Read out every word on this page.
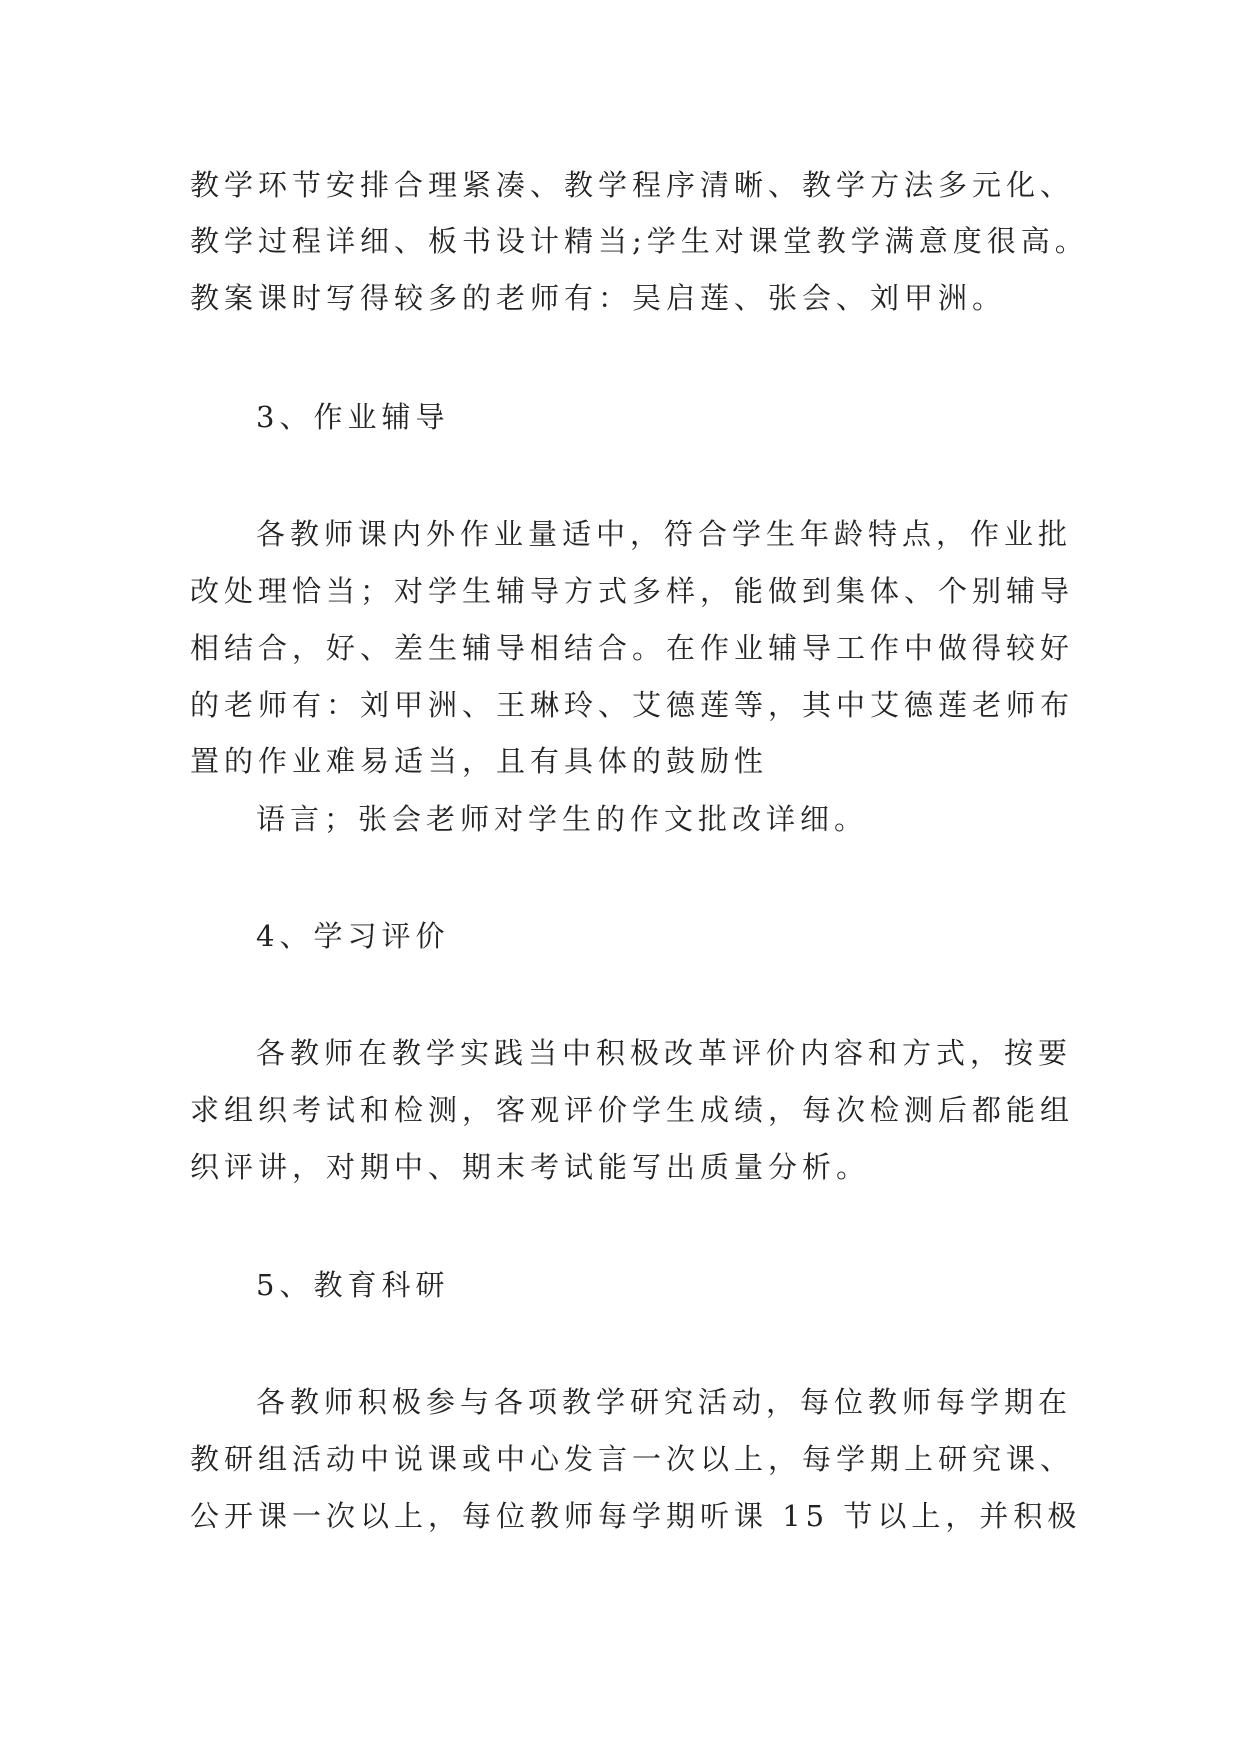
教学环节安排合理紧凑、教学程序清晰、教学方法多元化、
教学过程详细、板书设计精当;学生对课堂教学满意度很高。
教案课时写得较多的老师有：吴启莲、张会、刘甲洲。
3、作业辅导
各教师课内外作业量适中，符合学生年龄特点，作业批
改处理恰当；对学生辅导方式多样，能做到集体、个别辅导
相结合，好、差生辅导相结合。在作业辅导工作中做得较好
的老师有：刘甲洲、王琳玲、艾德莲等，其中艾德莲老师布
置的作业难易适当，且有具体的鼓励性
语言；张会老师对学生的作文批改详细。
4、学习评价
各教师在教学实践当中积极改革评价内容和方式，按要
求组织考试和检测，客观评价学生成绩，每次检测后都能组
织评讲，对期中、期末考试能写出质量分析。
5、教育科研
各教师积极参与各项教学研究活动，每位教师每学期在
教研组活动中说课或中心发言一次以上，每学期上研究课、
公开课一次以上，每位教师每学期听课 15 节以上，并积极
